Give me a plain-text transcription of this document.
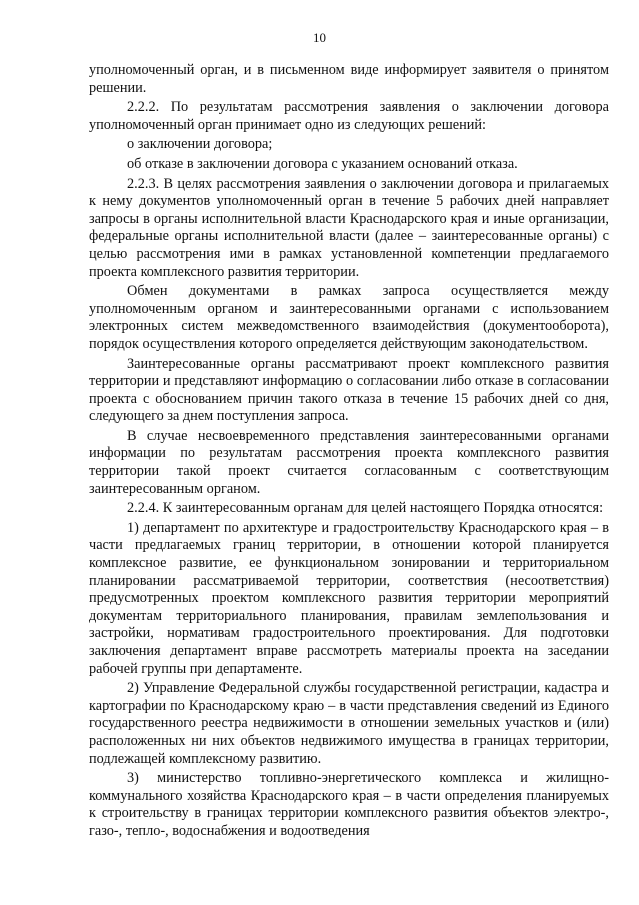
10

уполномоченный орган, и в письменном виде информирует заявителя о принятом решении.

2.2.2. По результатам рассмотрения заявления о заключении договора уполномоченный орган принимает одно из следующих решений:

о заключении договора;

об отказе в заключении договора с указанием оснований отказа.

2.2.3. В целях рассмотрения заявления о заключении договора и прилагаемых к нему документов уполномоченный орган в течение 5 рабочих дней направляет запросы в органы исполнительной власти Краснодарского края и иные организации, федеральные органы исполнительной власти (далее – заинтересованные органы) с целью рассмотрения ими в рамках установленной компетенции предлагаемого проекта комплексного развития территории.

Обмен документами в рамках запроса осуществляется между уполномоченным органом и заинтересованными органами с использованием электронных систем межведомственного взаимодействия (документооборота), порядок осуществления которого определяется действующим законодательством.

Заинтересованные органы рассматривают проект комплексного развития территории и представляют информацию о согласовании либо отказе в согласовании проекта с обоснованием причин такого отказа в течение 15 рабочих дней со дня, следующего за днем поступления запроса.

В случае несвоевременного представления заинтересованными органами информации по результатам рассмотрения проекта комплексного развития территории такой проект считается согласованным с соответствующим заинтересованным органом.

2.2.4. К заинтересованным органам для целей настоящего Порядка относятся:

1) департамент по архитектуре и градостроительству Краснодарского края – в части предлагаемых границ территории, в отношении которой планируется комплексное развитие, ее функциональном зонировании и территориальном планировании рассматриваемой территории, соответствия (несоответствия) предусмотренных проектом комплексного развития территории мероприятий документам территориального планирования, правилам землепользования и застройки, нормативам градостроительного проектирования. Для подготовки заключения департамент вправе рассмотреть материалы проекта на заседании рабочей группы при департаменте.

2) Управление Федеральной службы государственной регистрации, кадастра и картографии по Краснодарскому краю – в части представления сведений из Единого государственного реестра недвижимости в отношении земельных участков и (или) расположенных ни них объектов недвижимого имущества в границах территории, подлежащей комплексному развитию.

3) министерство топливно-энергетического комплекса и жилищно-коммунального хозяйства Краснодарского края – в части определения планируемых к строительству в границах территории комплексного развития объектов электро-, газо-, тепло-, водоснабжения и водоотведения
